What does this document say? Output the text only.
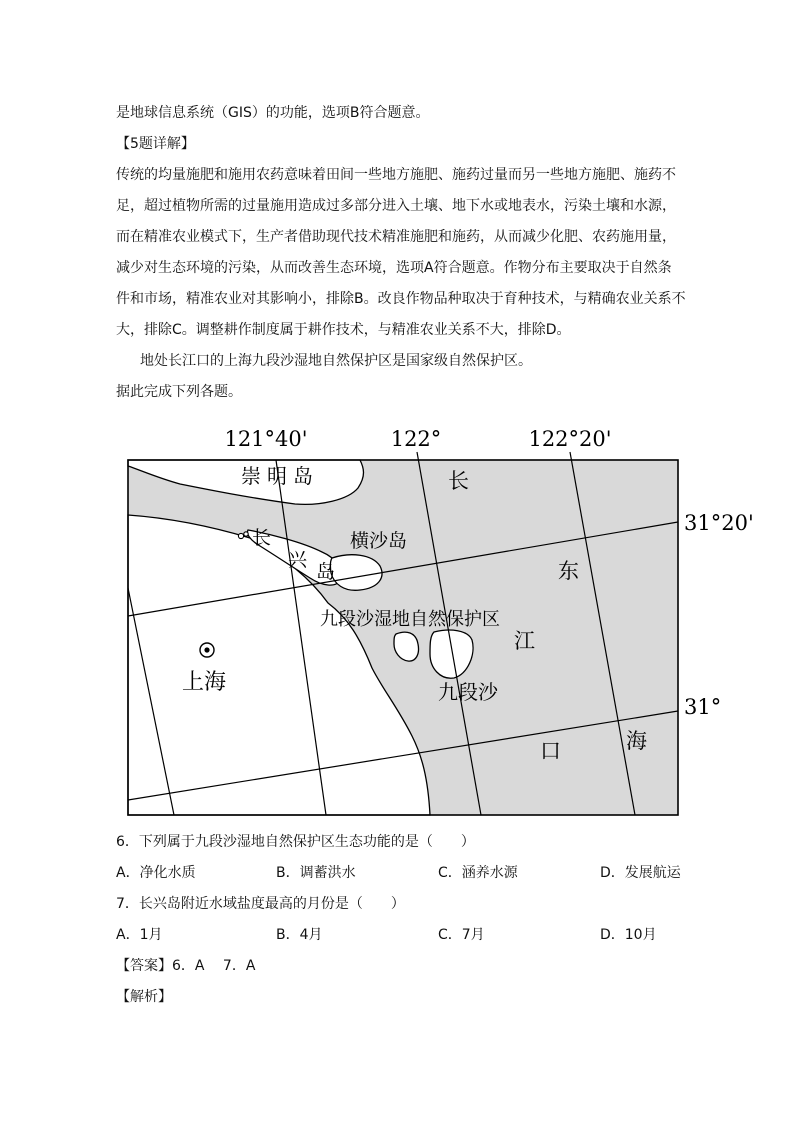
是地球信息系统（GIS）的功能，选项B符合题意。
【5题详解】
传统的均量施肥和施用农药意味着田间一些地方施肥、施药过量而另一些地方施肥、施药不
足，超过植物所需的过量施用造成过多部分进入土壤、地下水或地表水，污染土壤和水源，
而在精准农业模式下，生产者借助现代技术精准施肥和施药，从而减少化肥、农药施用量，
减少对生态环境的污染，从而改善生态环境，选项A符合题意。作物分布主要取决于自然条
件和市场，精准农业对其影响小，排除B。改良作物品种取决于育种技术，与精确农业关系不
大，排除C。调整耕作制度属于耕作技术，与精准农业关系不大，排除D。
地处长江口的上海九段沙湿地自然保护区是国家级自然保护区。
据此完成下列各题。
121°40'	122°	122°20'
31°20'
31°
崇明岛
长
兴
岛
横沙岛
九段沙湿地自然保护区
九段沙
上海
长
江
口
东
海
6．下列属于九段沙湿地自然保护区生态功能的是（　　）
A．净化水质	B．调蓄洪水	C．涵养水源	D．发展航运
7．长兴岛附近水域盐度最高的月份是（　　）
A．1月	B．4月	C．7月	D．10月
【答案】6．A　 7．A
【解析】
